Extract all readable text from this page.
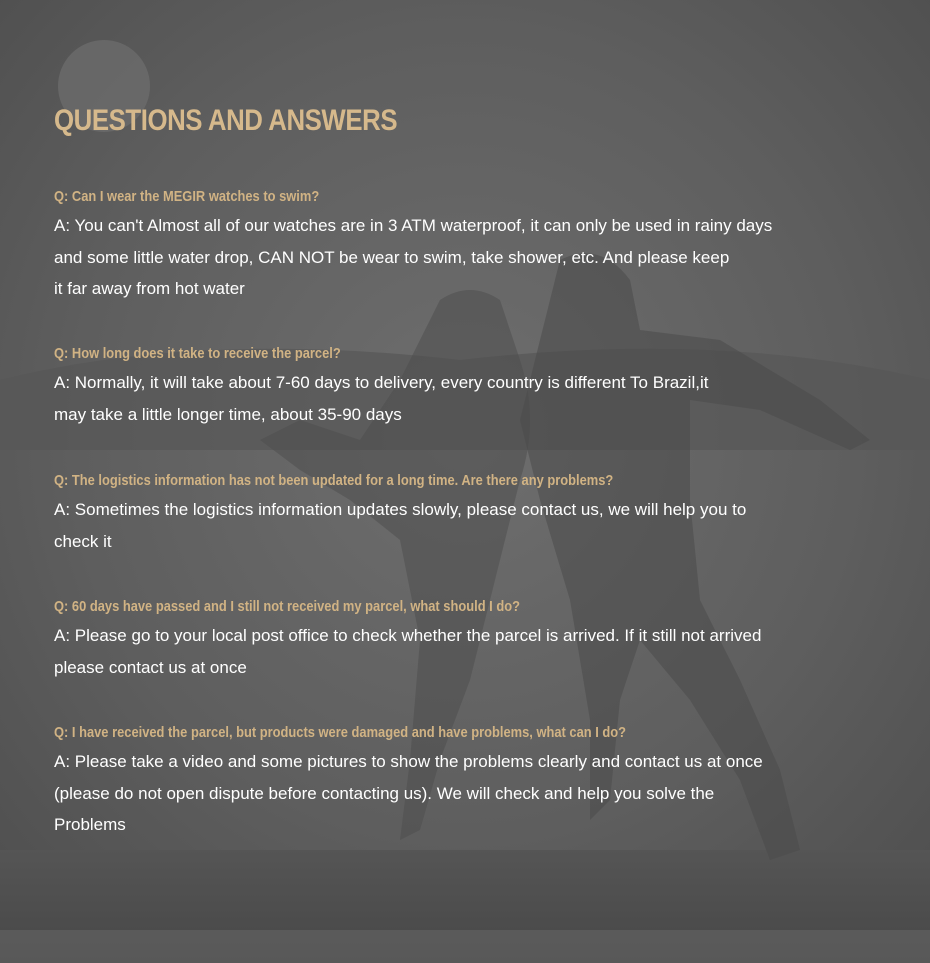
QUESTIONS AND ANSWERS

Q: Can I wear the MEGIR watches to swim?

A: You can't Almost all of our watches are in 3 ATM waterproof, it can only be used in rainy days
and some little water drop, CAN NOT be wear to swim, take shower, etc. And please keep
it far away from hot water

Q: How long does it take to receive the parcel?

A: Normally, it will take about 7-60 days to delivery, every country is different To Brazil,it
may take a little longer time, about 35-90 days

Q: The logistics information has not been updated for a long time. Are there any problems?

A: Sometimes the logistics information updates slowly, please contact us, we will help you to
check it

Q: 60 days have passed and I still not received my parcel, what should I do?

A: Please go to your local post office to check whether the parcel is arrived. If it still not arrived
please contact us at once

Q: I have received the parcel, but products were damaged and have problems, what can I do?

A: Please take a video and some pictures to show the problems clearly and contact us at once
(please do not open dispute before contacting us). We will check and help you solve the
Problems
